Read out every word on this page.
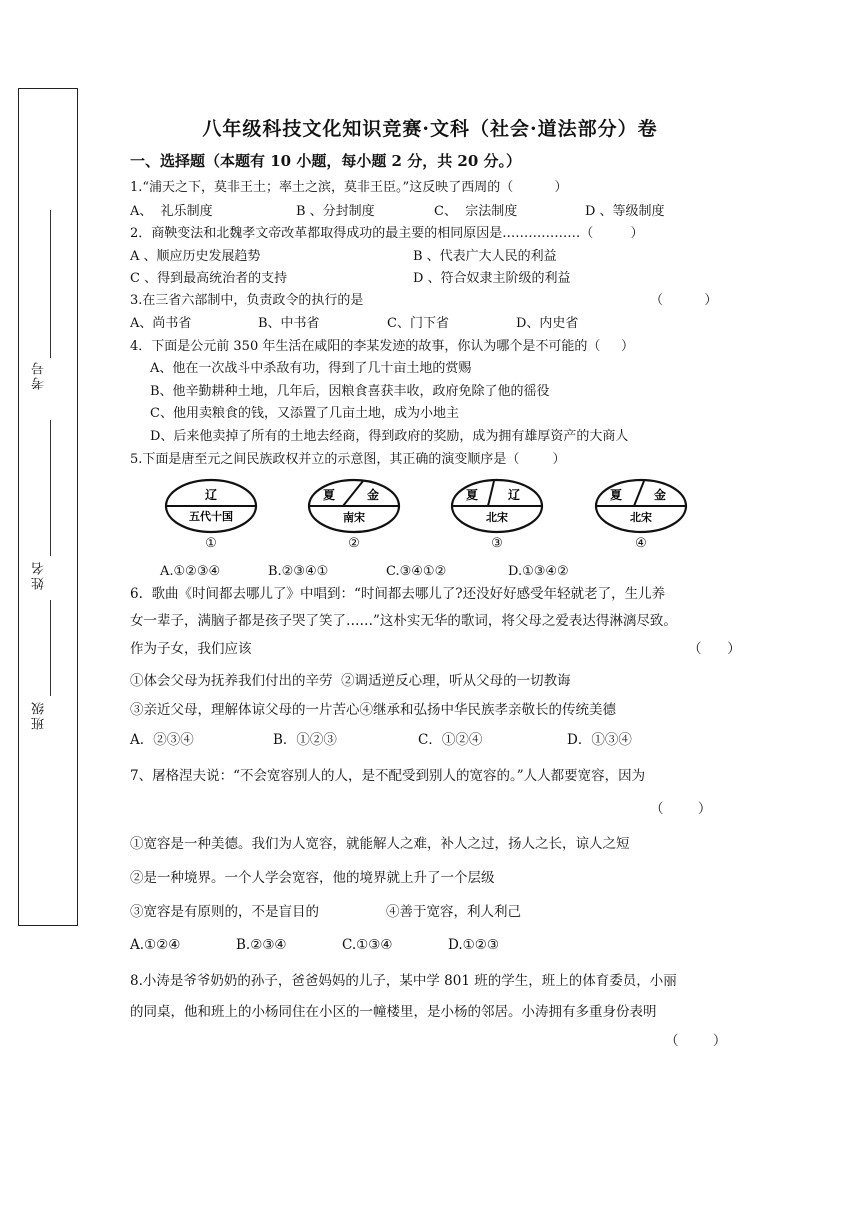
考号
姓名
班级
八年级科技文化知识竞赛·文科（社会·道法部分）卷
一、选择题（本题有 10 小题，每小题 2 分，共 20 分。）
1.“浦天之下，莫非王土；率土之滨，莫非王臣。”这反映了西周的（          ）
A、  礼乐制度	B 、分封制度	C、  宗法制度	D 、等级制度
2．商鞅变法和北魏孝文帝改革都取得成功的最主要的相同原因是………………（         ）
A 、顺应历史发展趋势	B 、代表广大人民的利益
C 、得到最高统治者的支持	D 、符合奴隶主阶级的利益
3.在三省六部制中，负责政令的执行的是	（          ）
A、尚书省	B、中书省	C、门下省	D、内史省
4．下面是公元前 350 年生活在咸阳的李某发迹的故事，你认为哪个是不可能的（     ）
A、他在一次战斗中杀敌有功，得到了几十亩土地的赏赐
B、他辛勤耕种土地，几年后，因粮食喜获丰收，政府免除了他的徭役
C、他用卖粮食的钱，又添置了几亩土地，成为小地主
D、后来他卖掉了所有的土地去经商，得到政府的奖励，成为拥有雄厚资产的大商人
5.下面是唐至元之间民族政权并立的示意图，其正确的演变顺序是（        ）
辽
五代十国
①
夏	金
南宋
②
夏 辽
北宋
③
夏	金
北宋
④
A.①②③④	B.②③④①	C.③④①②	D.①③④②
6.  歌曲《时间都去哪儿了》中唱到：“时间都去哪儿了?还没好好感受年轻就老了，生儿养
女一辈子，满脑子都是孩子哭了笑了……”这朴实无华的歌词，将父母之爱表达得淋漓尽致。
作为子女，我们应该	（      ）
①体会父母为抚养我们付出的辛劳  ②调适逆反心理，听从父母的一切教诲
③亲近父母，理解体谅父母的一片苦心④继承和弘扬中华民族孝亲敬长的传统美德
A．②③④	B．①②③	C．①②④	D．①③④
7、屠格涅夫说：“不会宽容别人的人，是不配受到别人的宽容的。”人人都要宽容，因为
（        ）
①宽容是一种美德。我们为人宽容，就能解人之难，补人之过，扬人之长，谅人之短
②是一种境界。一个人学会宽容，他的境界就上升了一个层级
③宽容是有原则的，不是盲目的	④善于宽容，利人利己
A.①②④	B.②③④	C.①③④	D.①②③
8.小涛是爷爷奶奶的孙子，爸爸妈妈的儿子，某中学 801 班的学生，班上的体育委员，小丽
的同桌，他和班上的小杨同住在小区的一幢楼里，是小杨的邻居。小涛拥有多重身份表明
（        ）
